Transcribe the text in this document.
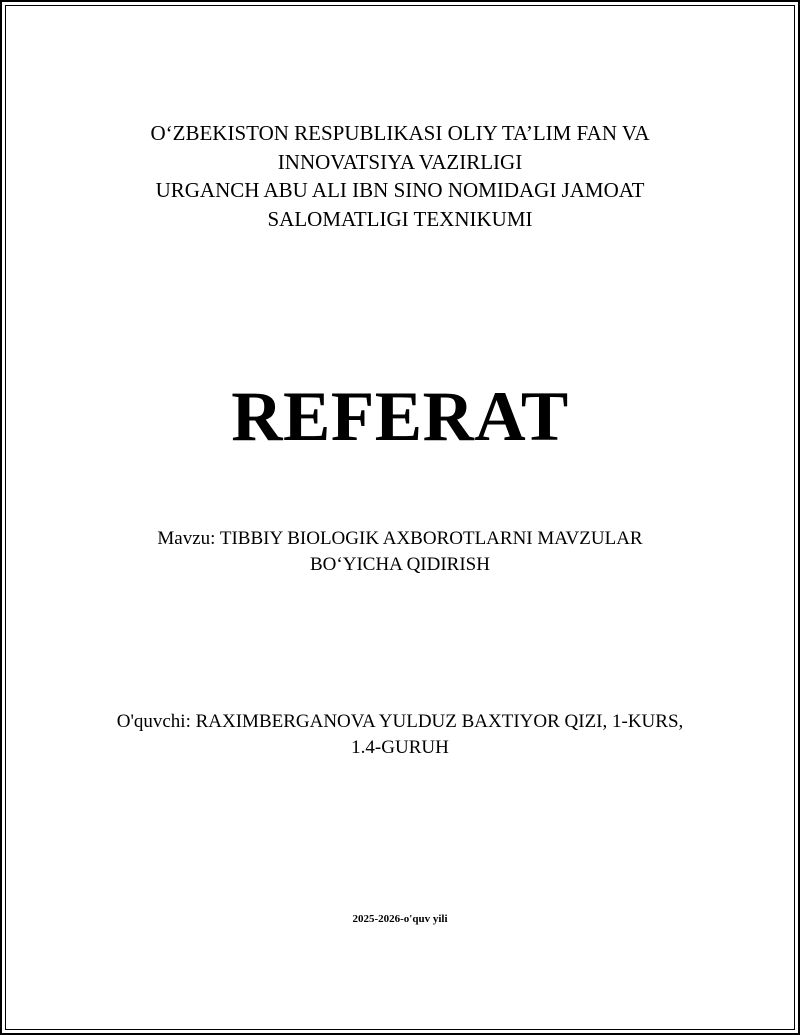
O‘ZBEKISTON RESPUBLIKASI OLIY TA’LIM FAN VA
INNOVATSIYA VAZIRLIGI
URGANCH ABU ALI IBN SINO NOMIDAGI JAMOAT
SALOMATLIGI TEXNIKUMI
REFERAT
Mavzu: TIBBIY BIOLOGIK AXBOROTLARNI MAVZULAR
BO‘YICHA QIDIRISH
O'quvchi: RAXIMBERGANOVA YULDUZ BAXTIYOR QIZI, 1-KURS,
1.4-GURUH
2025-2026-o'quv yili
